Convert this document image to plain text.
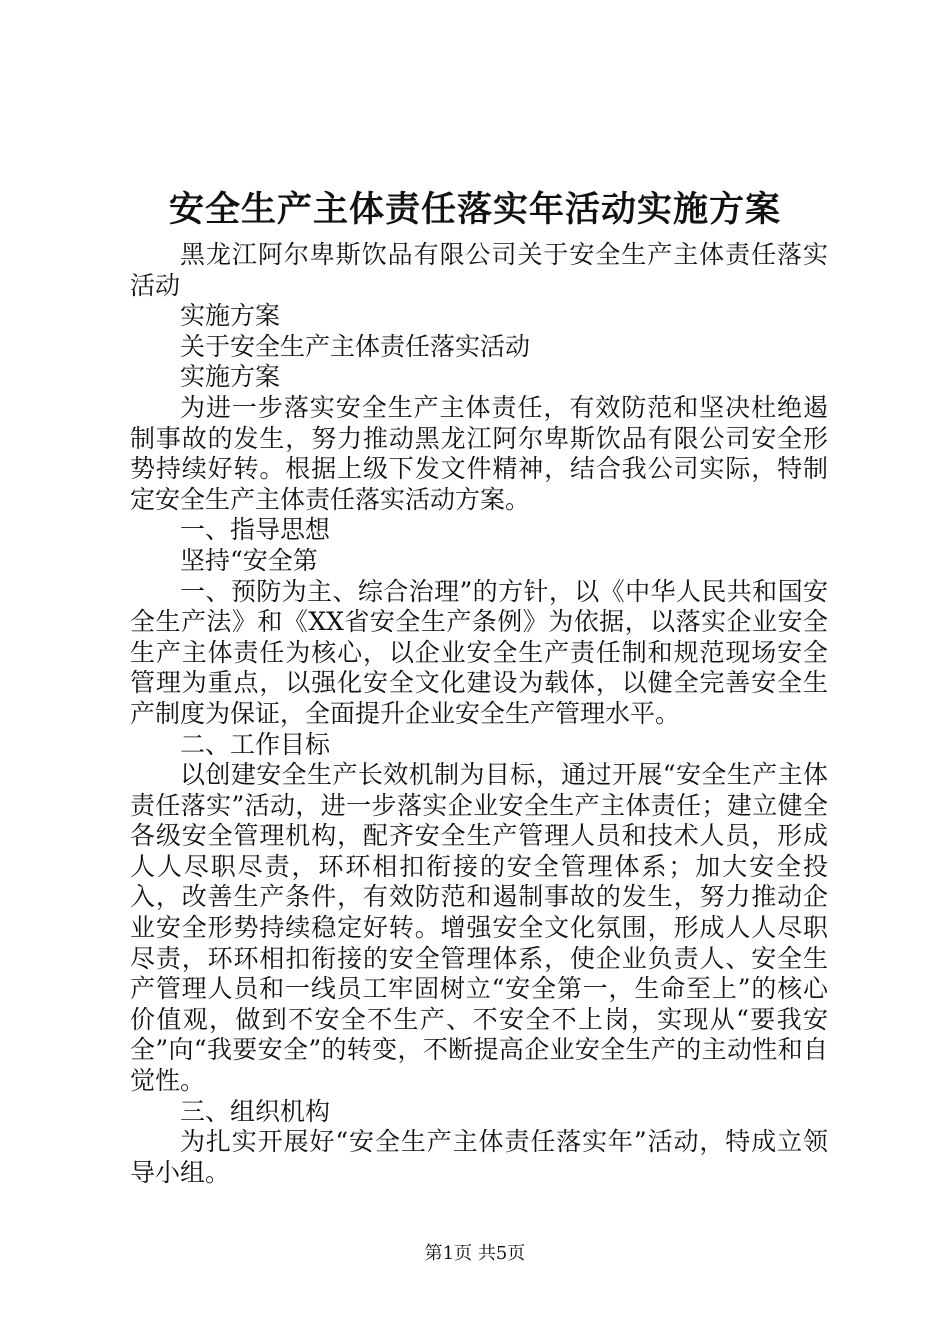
安全生产主体责任落实年活动实施方案

黑龙江阿尔卑斯饮品有限公司关于安全生产主体责任落实活动

实施方案

关于安全生产主体责任落实活动

实施方案

为进一步落实安全生产主体责任，有效防范和坚决杜绝遏制事故的发生，努力推动黑龙江阿尔卑斯饮品有限公司安全形势持续好转。根据上级下发文件精神，结合我公司实际，特制定安全生产主体责任落实活动方案。

一、指导思想

坚持“安全第

一、预防为主、综合治理”的方针，以《中华人民共和国安全生产法》和《XX省安全生产条例》为依据，以落实企业安全生产主体责任为核心，以企业安全生产责任制和规范现场安全管理为重点，以强化安全文化建设为载体，以健全完善安全生产制度为保证，全面提升企业安全生产管理水平。

二、工作目标

以创建安全生产长效机制为目标，通过开展“安全生产主体责任落实”活动，进一步落实企业安全生产主体责任；建立健全各级安全管理机构，配齐安全生产管理人员和技术人员，形成人人尽职尽责，环环相扣衔接的安全管理体系；加大安全投入，改善生产条件，有效防范和遏制事故的发生，努力推动企业安全形势持续稳定好转。增强安全文化氛围，形成人人尽职尽责，环环相扣衔接的安全管理体系，使企业负责人、安全生产管理人员和一线员工牢固树立“安全第一，生命至上”的核心价值观，做到不安全不生产、不安全不上岗，实现从“要我安全”向“我要安全”的转变，不断提高企业安全生产的主动性和自觉性。

三、组织机构

为扎实开展好“安全生产主体责任落实年”活动，特成立领导小组。

第1页 共5页
